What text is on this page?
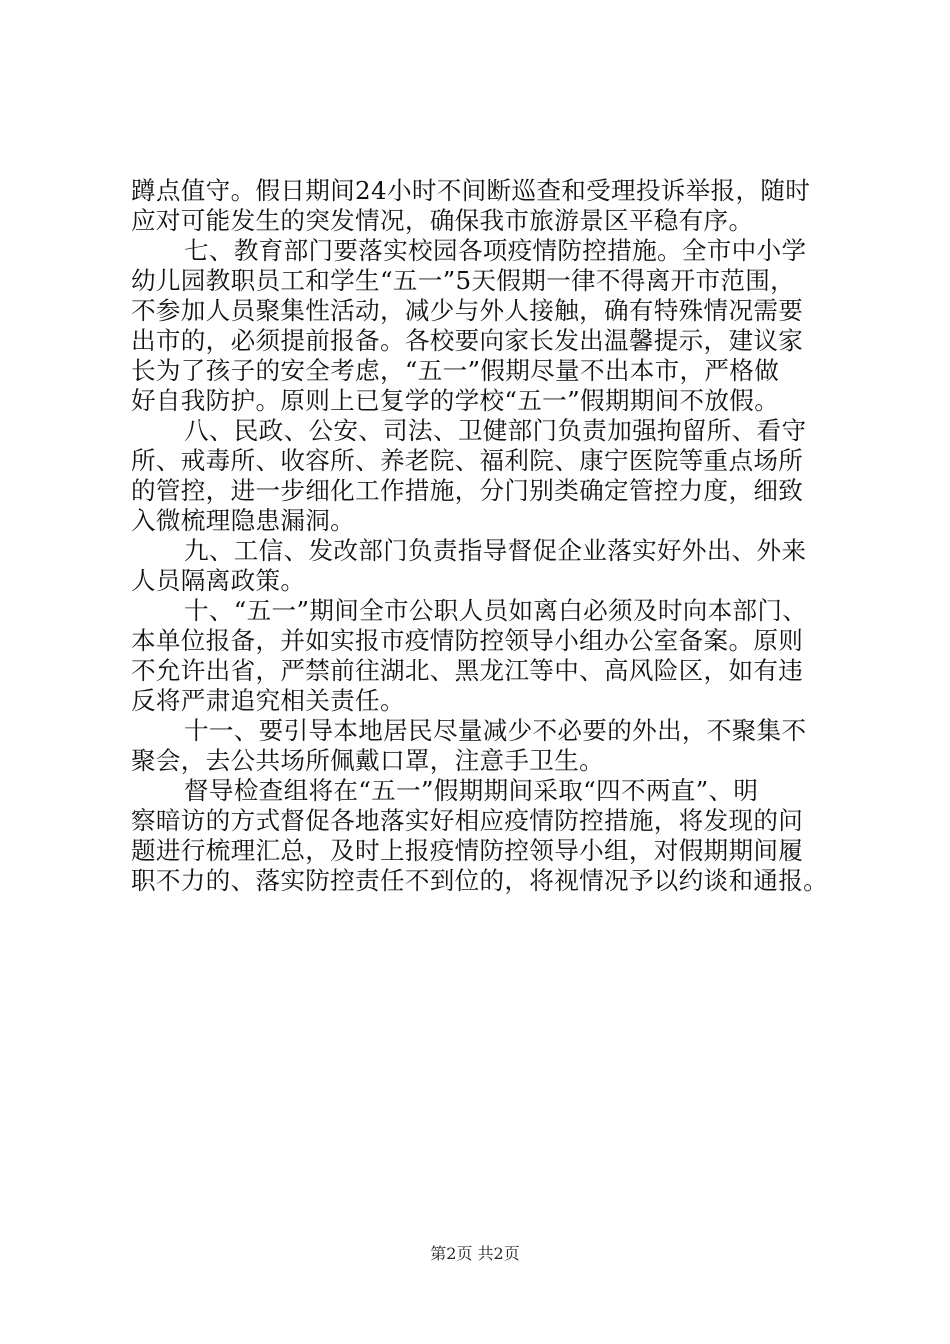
蹲点值守。假日期间24小时不间断巡查和受理投诉举报，随时
应对可能发生的突发情况，确保我市旅游景区平稳有序。
七、教育部门要落实校园各项疫情防控措施。全市中小学
幼儿园教职员工和学生“五一”5天假期一律不得离开市范围，
不参加人员聚集性活动，减少与外人接触，确有特殊情况需要
出市的，必须提前报备。各校要向家长发出温馨提示，建议家
长为了孩子的安全考虑，“五一”假期尽量不出本市，严格做
好自我防护。原则上已复学的学校“五一”假期期间不放假。
八、民政、公安、司法、卫健部门负责加强拘留所、看守
所、戒毒所、收容所、养老院、福利院、康宁医院等重点场所
的管控，进一步细化工作措施，分门别类确定管控力度，细致
入微梳理隐患漏洞。
九、工信、发改部门负责指导督促企业落实好外出、外来
人员隔离政策。
十、“五一”期间全市公职人员如离白必须及时向本部门、
本单位报备，并如实报市疫情防控领导小组办公室备案。原则
不允许出省，严禁前往湖北、黑龙江等中、高风险区，如有违
反将严肃追究相关责任。
十一、要引导本地居民尽量减少不必要的外出，不聚集不
聚会，去公共场所佩戴口罩，注意手卫生。
督导检查组将在“五一”假期期间采取“四不两直”、明
察暗访的方式督促各地落实好相应疫情防控措施，将发现的问
题进行梳理汇总，及时上报疫情防控领导小组，对假期期间履
职不力的、落实防控责任不到位的，将视情况予以约谈和通报。
第2页 共2页
